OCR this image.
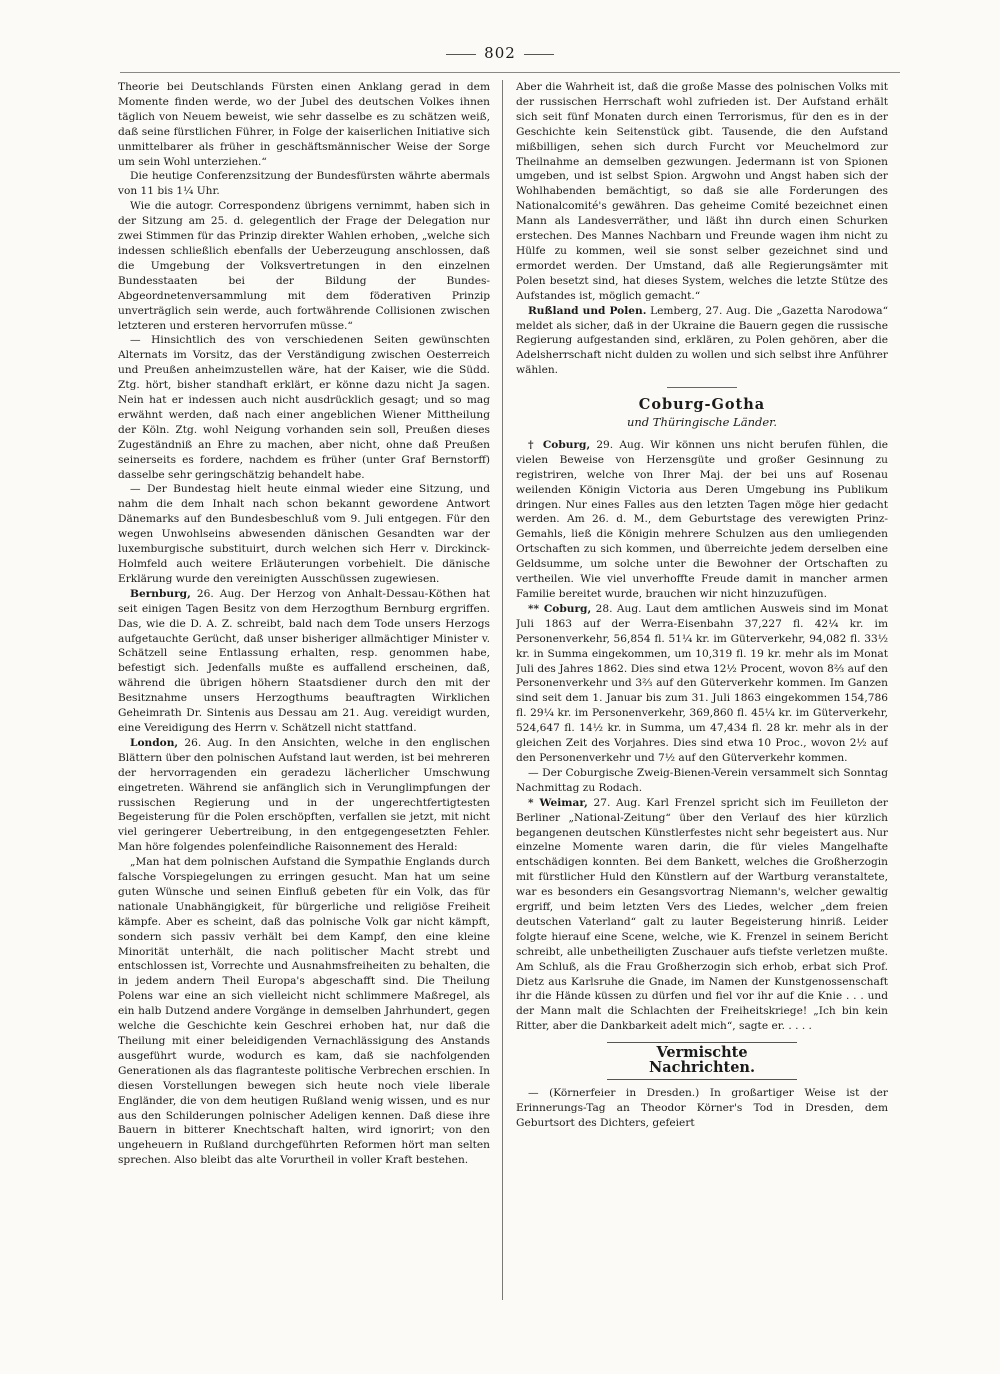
802

Theorie bei Deutschlands Fürsten einen Anklang gerad in dem Momente finden werde, wo der Jubel des deutschen Volkes ihnen täglich von Neuem beweist, wie sehr dasselbe es zu schätzen weiß, daß seine fürstlichen Führer, in Folge der kaiserlichen Initiative sich unmittelbarer als früher in geschäftsmännischer Weise der Sorge um sein Wohl unterziehen.“

Die heutige Conferenzsitzung der Bundesfürsten währte abermals von 11 bis 1¼ Uhr.

Wie die autogr. Correspondenz übrigens vernimmt, haben sich in der Sitzung am 25. d. gelegentlich der Frage der Delegation nur zwei Stimmen für das Prinzip direkter Wahlen erhoben, „welche sich indessen schließlich ebenfalls der Ueberzeugung anschlossen, daß die Umgebung der Volksvertretungen in den einzelnen Bundesstaaten bei der Bildung der Bundes-Abgeordnetenversammlung mit dem föderativen Prinzip unverträglich sein werde, auch fortwährende Collisionen zwischen letzteren und ersteren hervorrufen müsse.“

— Hinsichtlich des von verschiedenen Seiten gewünschten Alternats im Vorsitz, das der Verständigung zwischen Oesterreich und Preußen anheimzustellen wäre, hat der Kaiser, wie die Südd. Ztg. hört, bisher standhaft erklärt, er könne dazu nicht Ja sagen. Nein hat er indessen auch nicht ausdrücklich gesagt; und so mag erwähnt werden, daß nach einer angeblichen Wiener Mittheilung der Köln. Ztg. wohl Neigung vorhanden sein soll, Preußen dieses Zugeständniß an Ehre zu machen, aber nicht, ohne daß Preußen seinerseits es fordere, nachdem es früher (unter Graf Bernstorff) dasselbe sehr geringschätzig behandelt habe.

— Der Bundestag hielt heute einmal wieder eine Sitzung, und nahm die dem Inhalt nach schon bekannt gewordene Antwort Dänemarks auf den Bundesbeschluß vom 9. Juli entgegen. Für den wegen Unwohlseins abwesenden dänischen Gesandten war der luxemburgische substituirt, durch welchen sich Herr v. Dirckinck-Holmfeld auch weitere Erläuterungen vorbehielt. Die dänische Erklärung wurde den vereinigten Ausschüssen zugewiesen.

Bernburg, 26. Aug. Der Herzog von Anhalt-Dessau-Köthen hat seit einigen Tagen Besitz von dem Herzogthum Bernburg ergriffen. Das, wie die D. A. Z. schreibt, bald nach dem Tode unsers Herzogs aufgetauchte Gerücht, daß unser bisheriger allmächtiger Minister v. Schätzell seine Entlassung erhalten, resp. genommen habe, befestigt sich. Jedenfalls mußte es auffallend erscheinen, daß, während die übrigen höhern Staatsdiener durch den mit der Besitznahme unsers Herzogthums beauftragten Wirklichen Geheimrath Dr. Sintenis aus Dessau am 21. Aug. vereidigt wurden, eine Vereidigung des Herrn v. Schätzell nicht stattfand.

London, 26. Aug. In den Ansichten, welche in den englischen Blättern über den polnischen Aufstand laut werden, ist bei mehreren der hervorragenden ein geradezu lächerlicher Umschwung eingetreten. Während sie anfänglich sich in Verunglimpfungen der russischen Regierung und in der ungerechtfertigtesten Begeisterung für die Polen erschöpften, verfallen sie jetzt, mit nicht viel geringerer Uebertreibung, in den entgegengesetzten Fehler. Man höre folgendes polenfeindliche Raisonnement des Herald:

„Man hat dem polnischen Aufstand die Sympathie Englands durch falsche Vorspiegelungen zu erringen gesucht. Man hat um seine guten Wünsche und seinen Einfluß gebeten für ein Volk, das für nationale Unabhängigkeit, für bürgerliche und religiöse Freiheit kämpfe. Aber es scheint, daß das polnische Volk gar nicht kämpft, sondern sich passiv verhält bei dem Kampf, den eine kleine Minorität unterhält, die nach politischer Macht strebt und entschlossen ist, Vorrechte und Ausnahmsfreiheiten zu behalten, die in jedem andern Theil Europa's abgeschafft sind. Die Theilung Polens war eine an sich vielleicht nicht schlimmere Maßregel, als ein halb Dutzend andere Vorgänge in demselben Jahrhundert, gegen welche die Geschichte kein Geschrei erhoben hat, nur daß die Theilung mit einer beleidigenden Vernachlässigung des Anstands ausgeführt wurde, wodurch es kam, daß sie nachfolgenden Generationen als das flagranteste politische Verbrechen erschien. In diesen Vorstellungen bewegen sich heute noch viele liberale Engländer, die von dem heutigen Rußland wenig wissen, und es nur aus den Schilderungen polnischer Adeligen kennen. Daß diese ihre Bauern in bitterer Knechtschaft halten, wird ignorirt; von den ungeheuern in Rußland durchgeführten Reformen hört man selten sprechen. Also bleibt das alte Vorurtheil in voller Kraft bestehen.

Aber die Wahrheit ist, daß die große Masse des polnischen Volks mit der russischen Herrschaft wohl zufrieden ist. Der Aufstand erhält sich seit fünf Monaten durch einen Terrorismus, für den es in der Geschichte kein Seitenstück gibt. Tausende, die den Aufstand mißbilligen, sehen sich durch Furcht vor Meuchelmord zur Theilnahme an demselben gezwungen. Jedermann ist von Spionen umgeben, und ist selbst Spion. Argwohn und Angst haben sich der Wohlhabenden bemächtigt, so daß sie alle Forderungen des Nationalcomité's gewähren. Das geheime Comité bezeichnet einen Mann als Landesverräther, und läßt ihn durch einen Schurken erstechen. Des Mannes Nachbarn und Freunde wagen ihm nicht zu Hülfe zu kommen, weil sie sonst selber gezeichnet sind und ermordet werden. Der Umstand, daß alle Regierungsämter mit Polen besetzt sind, hat dieses System, welches die letzte Stütze des Aufstandes ist, möglich gemacht.“

Rußland und Polen. Lemberg, 27. Aug. Die „Gazetta Narodowa“ meldet als sicher, daß in der Ukraine die Bauern gegen die russische Regierung aufgestanden sind, erklären, zu Polen gehören, aber die Adelsherrschaft nicht dulden zu wollen und sich selbst ihre Anführer wählen.

Coburg-Gotha
und Thüringische Länder.

† Coburg, 29. Aug. Wir können uns nicht berufen fühlen, die vielen Beweise von Herzensgüte und großer Gesinnung zu registriren, welche von Ihrer Maj. der bei uns auf Rosenau weilenden Königin Victoria aus Deren Umgebung ins Publikum dringen. Nur eines Falles aus den letzten Tagen möge hier gedacht werden. Am 26. d. M., dem Geburtstage des verewigten Prinz-Gemahls, ließ die Königin mehrere Schulzen aus den umliegenden Ortschaften zu sich kommen, und überreichte jedem derselben eine Geldsumme, um solche unter die Bewohner der Ortschaften zu vertheilen. Wie viel unverhoffte Freude damit in mancher armen Familie bereitet wurde, brauchen wir nicht hinzuzufügen.

** Coburg, 28. Aug. Laut dem amtlichen Ausweis sind im Monat Juli 1863 auf der Werra-Eisenbahn 37,227 fl. 42¼ kr. im Personenverkehr, 56,854 fl. 51¼ kr. im Güterverkehr, 94,082 fl. 33½ kr. in Summa eingekommen, um 10,319 fl. 19 kr. mehr als im Monat Juli des Jahres 1862. Dies sind etwa 12½ Procent, wovon 8⅔ auf den Personenverkehr und 3⅔ auf den Güterverkehr kommen. Im Ganzen sind seit dem 1. Januar bis zum 31. Juli 1863 eingekommen 154,786 fl. 29¼ kr. im Personenverkehr, 369,860 fl. 45¼ kr. im Güterverkehr, 524,647 fl. 14½ kr. in Summa, um 47,434 fl. 28 kr. mehr als in der gleichen Zeit des Vorjahres. Dies sind etwa 10 Proc., wovon 2½ auf den Personenverkehr und 7½ auf den Güterverkehr kommen.

— Der Coburgische Zweig-Bienen-Verein versammelt sich Sonntag Nachmittag zu Rodach.

* Weimar, 27. Aug. Karl Frenzel spricht sich im Feuilleton der Berliner „National-Zeitung“ über den Verlauf des hier kürzlich begangenen deutschen Künstlerfestes nicht sehr begeistert aus. Nur einzelne Momente waren darin, die für vieles Mangelhafte entschädigen konnten. Bei dem Bankett, welches die Großherzogin mit fürstlicher Huld den Künstlern auf der Wartburg veranstaltete, war es besonders ein Gesangsvortrag Niemann's, welcher gewaltig ergriff, und beim letzten Vers des Liedes, welcher „dem freien deutschen Vaterland“ galt zu lauter Begeisterung hinriß. Leider folgte hierauf eine Scene, welche, wie K. Frenzel in seinem Bericht schreibt, alle unbetheiligten Zuschauer aufs tiefste verletzen mußte. Am Schluß, als die Frau Großherzogin sich erhob, erbat sich Prof. Dietz aus Karlsruhe die Gnade, im Namen der Kunstgenossenschaft ihr die Hände küssen zu dürfen und fiel vor ihr auf die Knie . . . und der Mann malt die Schlachten der Freiheitskriege! „Ich bin kein Ritter, aber die Dankbarkeit adelt mich“, sagte er. . . . .

Vermischte Nachrichten.

— (Körnerfeier in Dresden.) In großartiger Weise ist der Erinnerungs-Tag an Theodor Körner's Tod in Dresden, dem Geburtsort des Dichters, gefeiert
